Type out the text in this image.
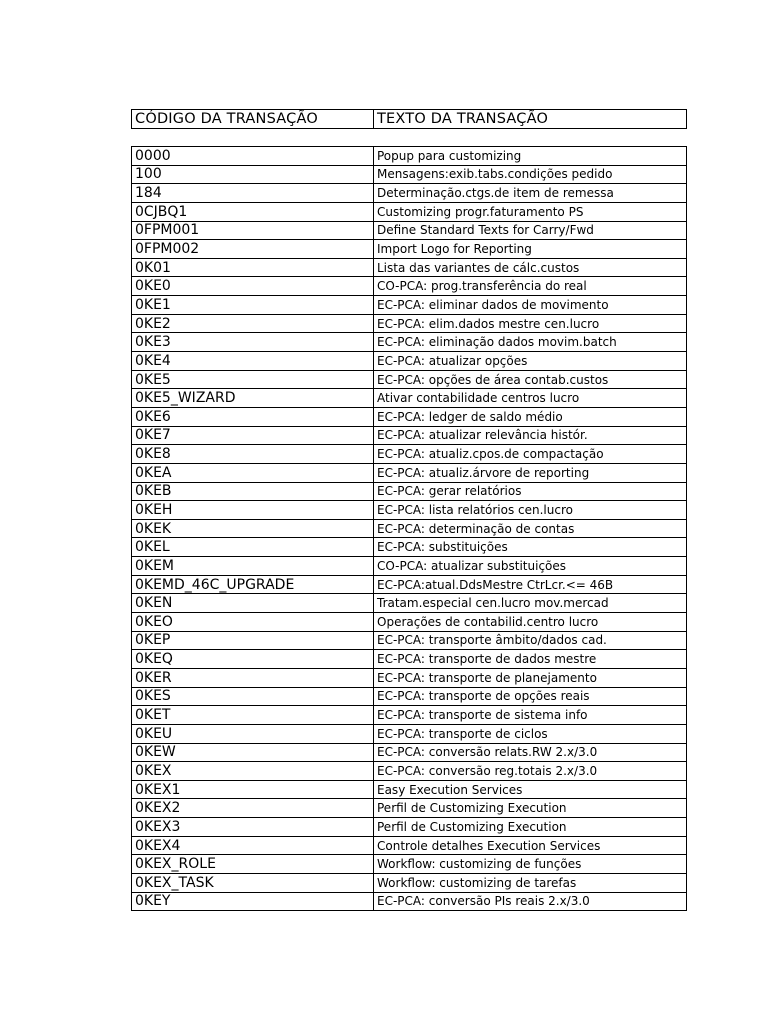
CÓDIGO DA TRANSAÇÃO	TEXTO DA TRANSAÇÃO
0000	Popup para customizing
100	Mensagens:exib.tabs.condições pedido
184	Determinação.ctgs.de item de remessa
0CJBQ1	Customizing progr.faturamento PS
0FPM001	Define Standard Texts for Carry/Fwd
0FPM002	Import Logo for Reporting
0K01	Lista das variantes de cálc.custos
0KE0	CO-PCA: prog.transferência do real
0KE1	EC-PCA: eliminar dados de movimento
0KE2	EC-PCA: elim.dados mestre cen.lucro
0KE3	EC-PCA: eliminação dados movim.batch
0KE4	EC-PCA: atualizar opções
0KE5	EC-PCA: opções de área contab.custos
0KE5_WIZARD	Ativar contabilidade centros lucro
0KE6	EC-PCA: ledger de saldo médio
0KE7	EC-PCA: atualizar relevância histór.
0KE8	EC-PCA: atualiz.cpos.de compactação
0KEA	EC-PCA: atualiz.árvore de reporting
0KEB	EC-PCA: gerar relatórios
0KEH	EC-PCA: lista relatórios cen.lucro
0KEK	EC-PCA: determinação de contas
0KEL	EC-PCA: substituições
0KEM	CO-PCA: atualizar substituições
0KEMD_46C_UPGRADE	EC-PCA:atual.DdsMestre CtrLcr.<= 46B
0KEN	Tratam.especial cen.lucro mov.mercad
0KEO	Operações de contabilid.centro lucro
0KEP	EC-PCA: transporte âmbito/dados cad.
0KEQ	EC-PCA: transporte de dados mestre
0KER	EC-PCA: transporte de planejamento
0KES	EC-PCA: transporte de opções reais
0KET	EC-PCA: transporte de sistema info
0KEU	EC-PCA: transporte de ciclos
0KEW	EC-PCA: conversão relats.RW 2.x/3.0
0KEX	EC-PCA: conversão reg.totais 2.x/3.0
0KEX1	Easy Execution Services
0KEX2	Perfil de Customizing Execution
0KEX3	Perfil de Customizing Execution
0KEX4	Controle detalhes Execution Services
0KEX_ROLE	Workflow: customizing de funções
0KEX_TASK	Workflow: customizing de tarefas
0KEY	EC-PCA: conversão PIs reais 2.x/3.0
